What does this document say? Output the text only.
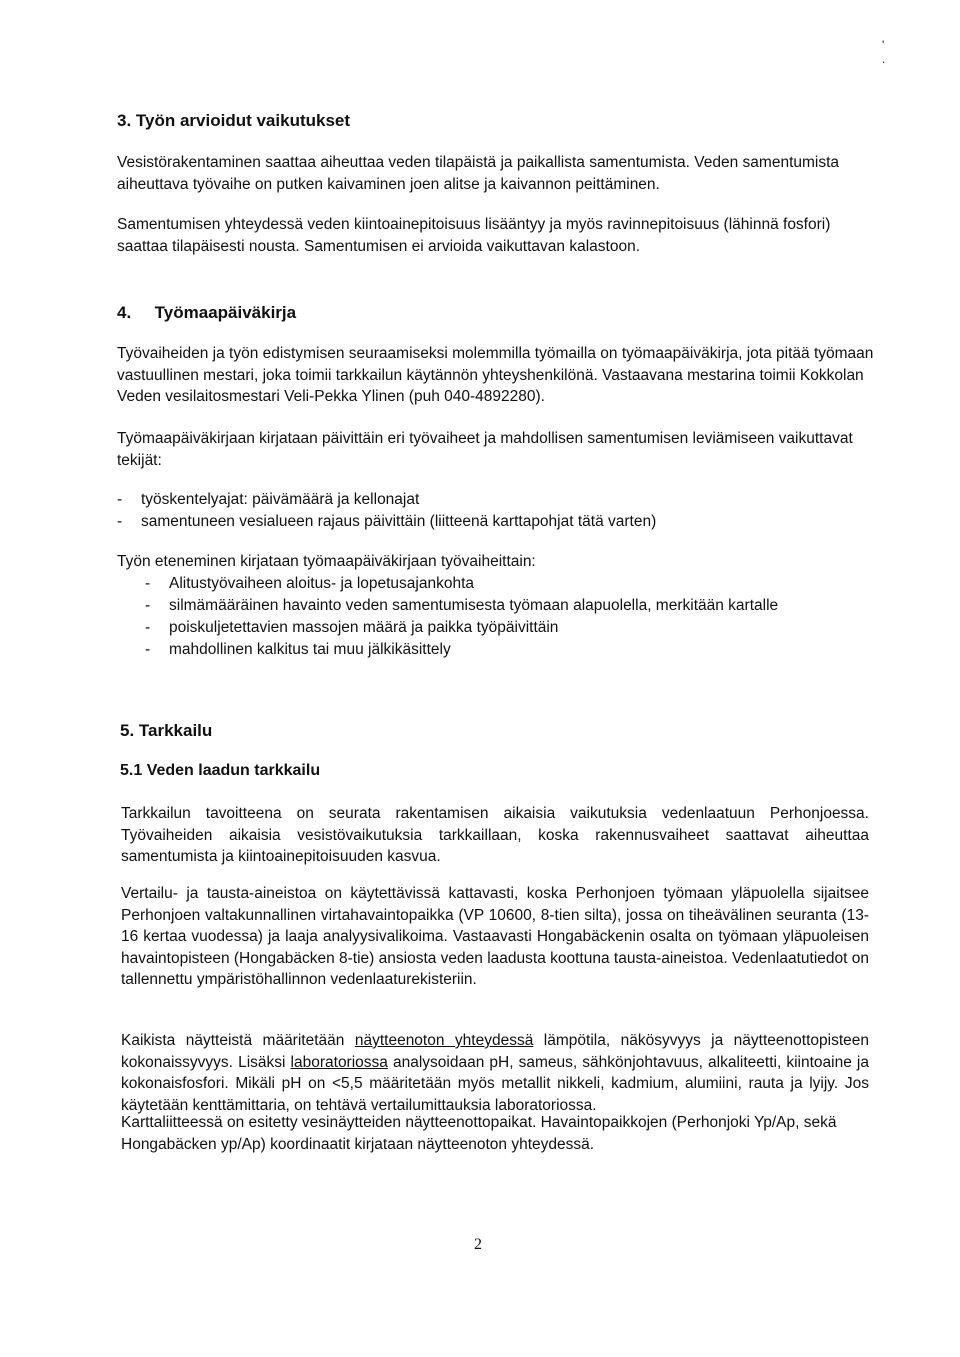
' .
3. Työn arvioidut vaikutukset
Vesistörakentaminen saattaa aiheuttaa veden tilapäistä ja paikallista samentumista. Veden samentumista aiheuttava työvaihe on putken kaivaminen joen alitse ja kaivannon peittäminen.
Samentumisen yhteydessä veden kiintoainepitoisuus lisääntyy ja myös ravinnepitoisuus (lähinnä fosfori) saattaa tilapäisesti nousta. Samentumisen ei arvioida vaikuttavan kalastoon.
4. Työmaapäiväkirja
Työvaiheiden ja työn edistymisen seuraamiseksi molemmilla työmailla on työmaapäiväkirja, jota pitää työmaan vastuullinen mestari, joka toimii tarkkailun käytännön yhteyshenkilönä. Vastaavana mestarina toimii Kokkolan Veden vesilaitosmestari Veli-Pekka Ylinen (puh 040-4892280).
Työmaapäiväkirjaan kirjataan päivittäin eri työvaiheet ja mahdollisen samentumisen leviämiseen vaikuttavat tekijät:
- työskentelyajat: päivämäärä ja kellonajat
- samentuneen vesialueen rajaus päivittäin (liitteenä karttapohjat tätä varten)
Työn eteneminen kirjataan työmaapäiväkirjaan työvaiheittain:
- Alitustyövaiheen aloitus- ja lopetusajankohta
- silmämääräinen havainto veden samentumisesta työmaan alapuolella, merkitään kartalle
- poiskuljetettavien massojen määrä ja paikka työpäivittäin
- mahdollinen kalkitus tai muu jälkikäsittely
5. Tarkkailu
5.1 Veden laadun tarkkailu
Tarkkailun tavoitteena on seurata rakentamisen aikaisia vaikutuksia vedenlaatuun Perhonjoessa. Työvaiheiden aikaisia vesistövaikutuksia tarkkaillaan, koska rakennusvaiheet saattavat aiheuttaa samentumista ja kiintoainepitoisuuden kasvua.
Vertailu- ja tausta-aineistoa on käytettävissä kattavasti, koska Perhonjoen työmaan yläpuolella sijaitsee Perhonjoen valtakunnallinen virtahavaintopaikka (VP 10600, 8-tien silta), jossa on tiheävälinen seuranta (13-16 kertaa vuodessa) ja laaja analyysivalikoima. Vastaavasti Hongabäckenin osalta on työmaan yläpuoleisen havaintopisteen (Hongabäcken 8-tie) ansiosta veden laadusta koottuna tausta-aineistoa. Vedenlaatutiedot on tallennettu ympäristöhallinnon vedenlaaturekisteriin.
Kaikista näytteistä määritetään näytteenoton yhteydessä lämpötila, näkösyvyys ja näytteenottopisteen kokonaissyvyys. Lisäksi laboratoriossa analysoidaan pH, sameus, sähkönjohtavuus, alkaliteetti, kiintoaine ja kokonaisfosfori. Mikäli pH on <5,5 määritetään myös metallit nikkeli, kadmium, alumiini, rauta ja lyijy. Jos käytetään kenttämittaria, on tehtävä vertailumittauksia laboratoriossa.
Karttaliitteessä on esitetty vesinäytteiden näytteenottopaikat. Havaintopaikkojen (Perhonjoki Yp/Ap, sekä Hongabäcken yp/Ap) koordinaatit kirjataan näytteenoton yhteydessä.
2
